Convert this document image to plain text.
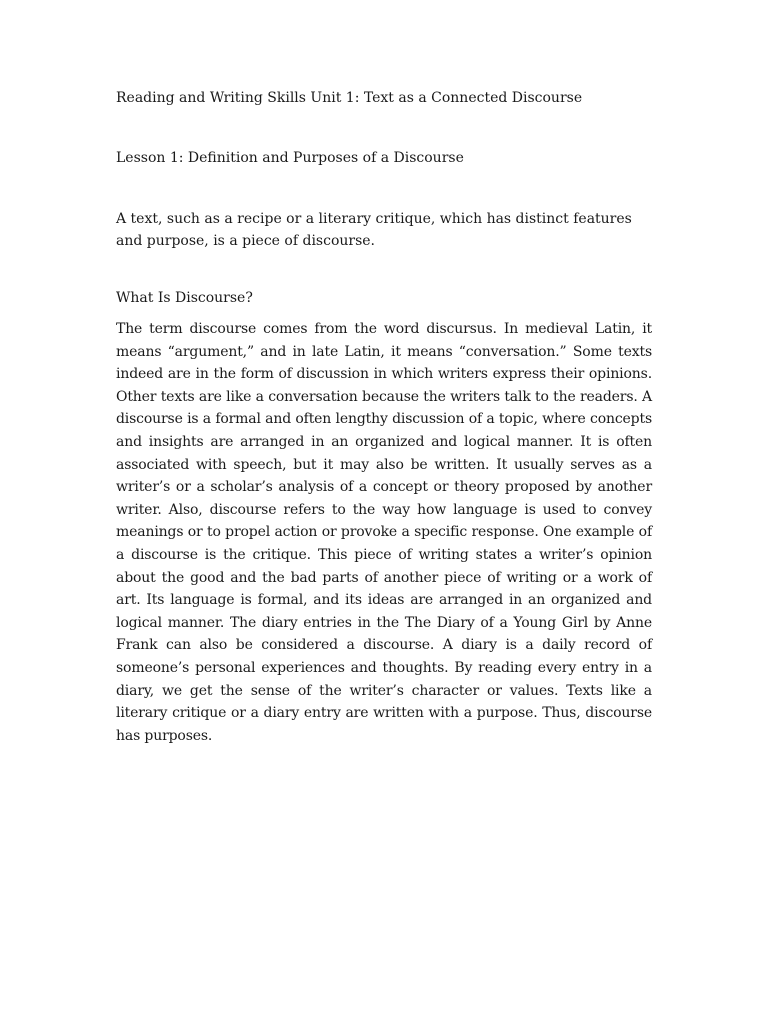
Reading and Writing Skills Unit 1: Text as a Connected Discourse
Lesson 1: Definition and Purposes of a Discourse

A text, such as a recipe or a literary critique, which has distinct features and purpose, is a piece of discourse.

What Is Discourse?

The term discourse comes from the word discursus. In medieval Latin, it means “argument,” and in late Latin, it means “conversation.” Some texts indeed are in the form of discussion in which writers express their opinions. Other texts are like a conversation because the writers talk to the readers. A discourse is a formal and often lengthy discussion of a topic, where concepts and insights are arranged in an organized and logical manner. It is often associated with speech, but it may also be written. It usually serves as a writer’s or a scholar’s analysis of a concept or theory proposed by another writer. Also, discourse refers to the way how language is used to convey meanings or to propel action or provoke a specific response. One example of a discourse is the critique. This piece of writing states a writer’s opinion about the good and the bad parts of another piece of writing or a work of art. Its language is formal, and its ideas are arranged in an organized and logical manner. The diary entries in the The Diary of a Young Girl by Anne Frank can also be considered a discourse. A diary is a daily record of someone’s personal experiences and thoughts. By reading every entry in a diary, we get the sense of the writer’s character or values. Texts like a literary critique or a diary entry are written with a purpose. Thus, discourse has purposes.
